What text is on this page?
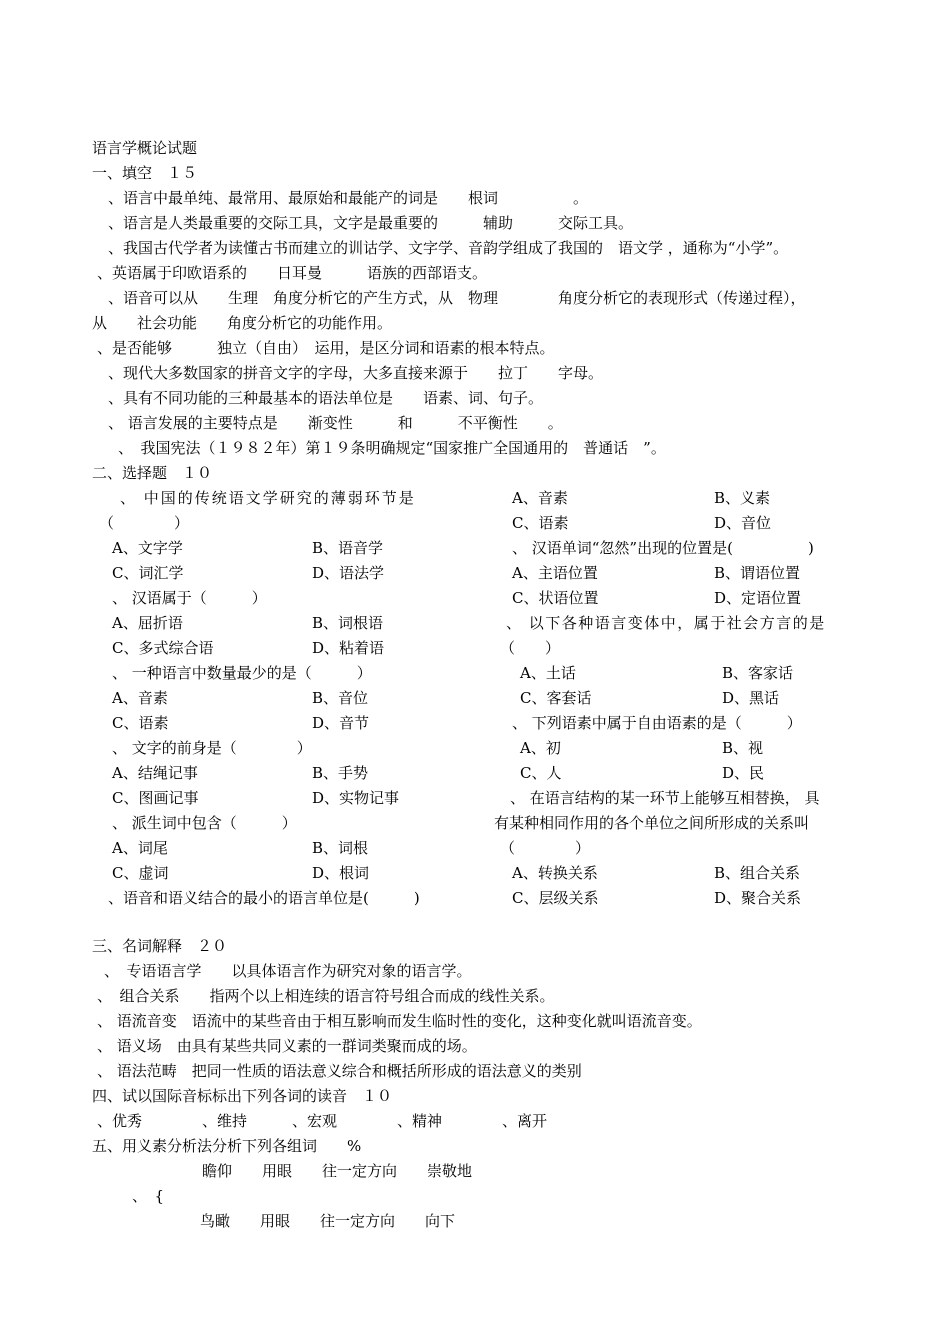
语言学概论试题
一、填空　１５
、语言中最单纯、最常用、最原始和最能产的词是　　根词　　　　　。
、语言是人类最重要的交际工具，文字是最重要的　　　辅助　　　交际工具。
、我国古代学者为读懂古书而建立的训诂学、文字学、音韵学组成了我国的　语文学 ，通称为“小学”。
、英语属于印欧语系的　　日耳曼　　　语族的西部语支。
、语音可以从　　生理　角度分析它的产生方式，从　物理　　　　角度分析它的表现形式（传递过程），
从　　社会功能　　角度分析它的功能作用。
、是否能够　　　独立（自由）　运用，是区分词和语素的根本特点。
、现代大多数国家的拼音文字的字母，大多直接来源于　　拉丁　　字母。
、具有不同功能的三种最基本的语法单位是　　语素、词、句子。
、 语言发展的主要特点是　　渐变性　　　和　　　不平衡性　　。
、　我国宪法（１９８２年）第１９条明确规定“国家推广全国通用的　普通话　”。
二、选择题　１０
、 中国的传统语文学研究的薄弱环节是
（　　　　）
A、文字学	B、语音学
C、词汇学	D、语法学
、 汉语属于（　　　）
A、屈折语	B、词根语
C、多式综合语	D、粘着语
、 一种语言中数量最少的是（　　　）
A、音素	B、音位
C、语素	D、音节
、 文字的前身是（　　　　）
A、结绳记事	B、手势
C、图画记事	D、实物记事
、 派生词中包含（　　　）
A、词尾	B、词根
C、虚词	D、根词
、语音和语义结合的最小的语言单位是(　　　)
A、音素	B、义素
C、语素	D、音位
、 汉语单词“忽然”出现的位置是(　　　　　)
A、主语位置	B、谓语位置
C、状语位置	D、定语位置
、 以下各种语言变体中，属于社会方言的是
（　　）
A、土话	B、客家话
C、客套话	D、黑话
、 下列语素中属于自由语素的是（　　　）
A、初	B、视
C、人	D、民
、 在语言结构的某一环节上能够互相替换， 具
有某种相同作用的各个单位之间所形成的关系叫
（　　　　）
A、转换关系	B、组合关系
C、层级关系	D、聚合关系
三、名词解释　２０
、　专语语言学　　以具体语言作为研究对象的语言学。
、　组合关系　　指两个以上相连续的语言符号组合而成的线性关系。
、 语流音变　语流中的某些音由于相互影响而发生临时性的变化，这种变化就叫语流音变。
、 语义场　由具有某些共同义素的一群词类聚而成的场。
、 语法范畴　把同一性质的语法意义综合和概括所形成的语法意义的类别
四、试以国际音标标出下列各词的读音　１０
、优秀　　　　、维持　　　、宏观　　　　、精神　　　　、离开
五、用义素分析法分析下列各组词　　%
瞻仰　　用眼　　往一定方向　　崇敬地
、　{
鸟瞰　　用眼　　往一定方向　　向下
